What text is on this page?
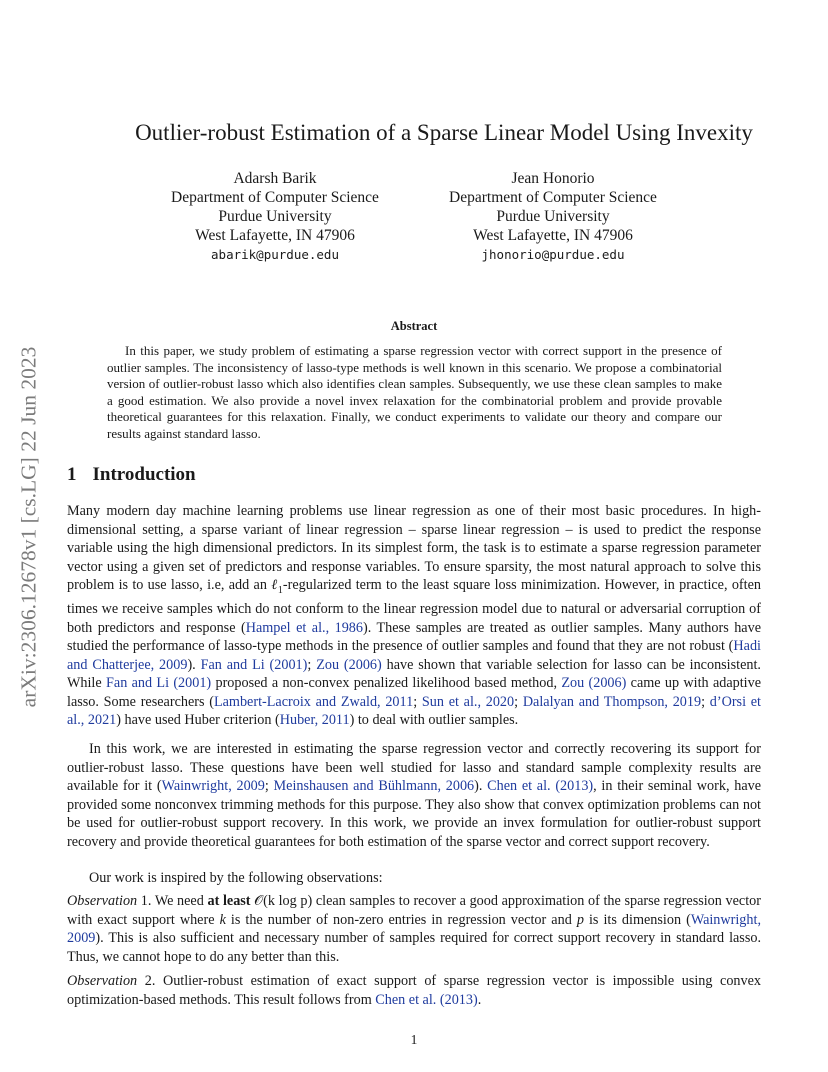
arXiv:2306.12678v1 [cs.LG] 22 Jun 2023
Outlier-robust Estimation of a Sparse Linear Model Using Invexity
Adarsh Barik
Department of Computer Science
Purdue University
West Lafayette, IN 47906
abarik@purdue.edu
Jean Honorio
Department of Computer Science
Purdue University
West Lafayette, IN 47906
jhonorio@purdue.edu
Abstract
In this paper, we study problem of estimating a sparse regression vector with correct support in the presence of outlier samples. The inconsistency of lasso-type methods is well known in this scenario. We propose a combinatorial version of outlier-robust lasso which also identifies clean samples. Subsequently, we use these clean samples to make a good estimation. We also provide a novel invex relaxation for the combinatorial problem and provide provable theoretical guarantees for this relaxation. Finally, we conduct experiments to validate our theory and compare our results against standard lasso.
1 Introduction
Many modern day machine learning problems use linear regression as one of their most basic procedures. In high-dimensional setting, a sparse variant of linear regression – sparse linear regression – is used to predict the response variable using the high dimensional predictors. In its simplest form, the task is to estimate a sparse regression parameter vector using a given set of predictors and response variables. To ensure sparsity, the most natural approach to solve this problem is to use lasso, i.e, add an ℓ$_1$-regularized term to the least square loss minimization. However, in practice, often times we receive samples which do not conform to the linear regression model due to natural or adversarial corruption of both predictors and response (Hampel et al., 1986). These samples are treated as outlier samples. Many authors have studied the performance of lasso-type methods in the presence of outlier samples and found that they are not robust (Hadi and Chatterjee, 2009). Fan and Li (2001); Zou (2006) have shown that variable selection for lasso can be inconsistent. While Fan and Li (2001) proposed a non-convex penalized likelihood based method, Zou (2006) came up with adaptive lasso. Some researchers (Lambert-Lacroix and Zwald, 2011; Sun et al., 2020; Dalalyan and Thompson, 2019; d’Orsi et al., 2021) have used Huber criterion (Huber, 2011) to deal with outlier samples.
In this work, we are interested in estimating the sparse regression vector and correctly recovering its support for outlier-robust lasso. These questions have been well studied for lasso and standard sample complexity results are available for it (Wainwright, 2009; Meinshausen and Bühlmann, 2006). Chen et al. (2013), in their seminal work, have provided some nonconvex trimming methods for this purpose. They also show that convex optimization problems can not be used for outlier-robust support recovery. In this work, we provide an invex formulation for outlier-robust support recovery and provide theoretical guarantees for both estimation of the sparse vector and correct support recovery.
Our work is inspired by the following observations:
Observation 1. We need at least 𝒪(k log p) clean samples to recover a good approximation of the sparse regression vector with exact support where k is the number of non-zero entries in regression vector and p is its dimension (Wainwright, 2009). This is also sufficient and necessary number of samples required for correct support recovery in standard lasso. Thus, we cannot hope to do any better than this.
Observation 2. Outlier-robust estimation of exact support of sparse regression vector is impossible using convex optimization-based methods. This result follows from Chen et al. (2013).
1
